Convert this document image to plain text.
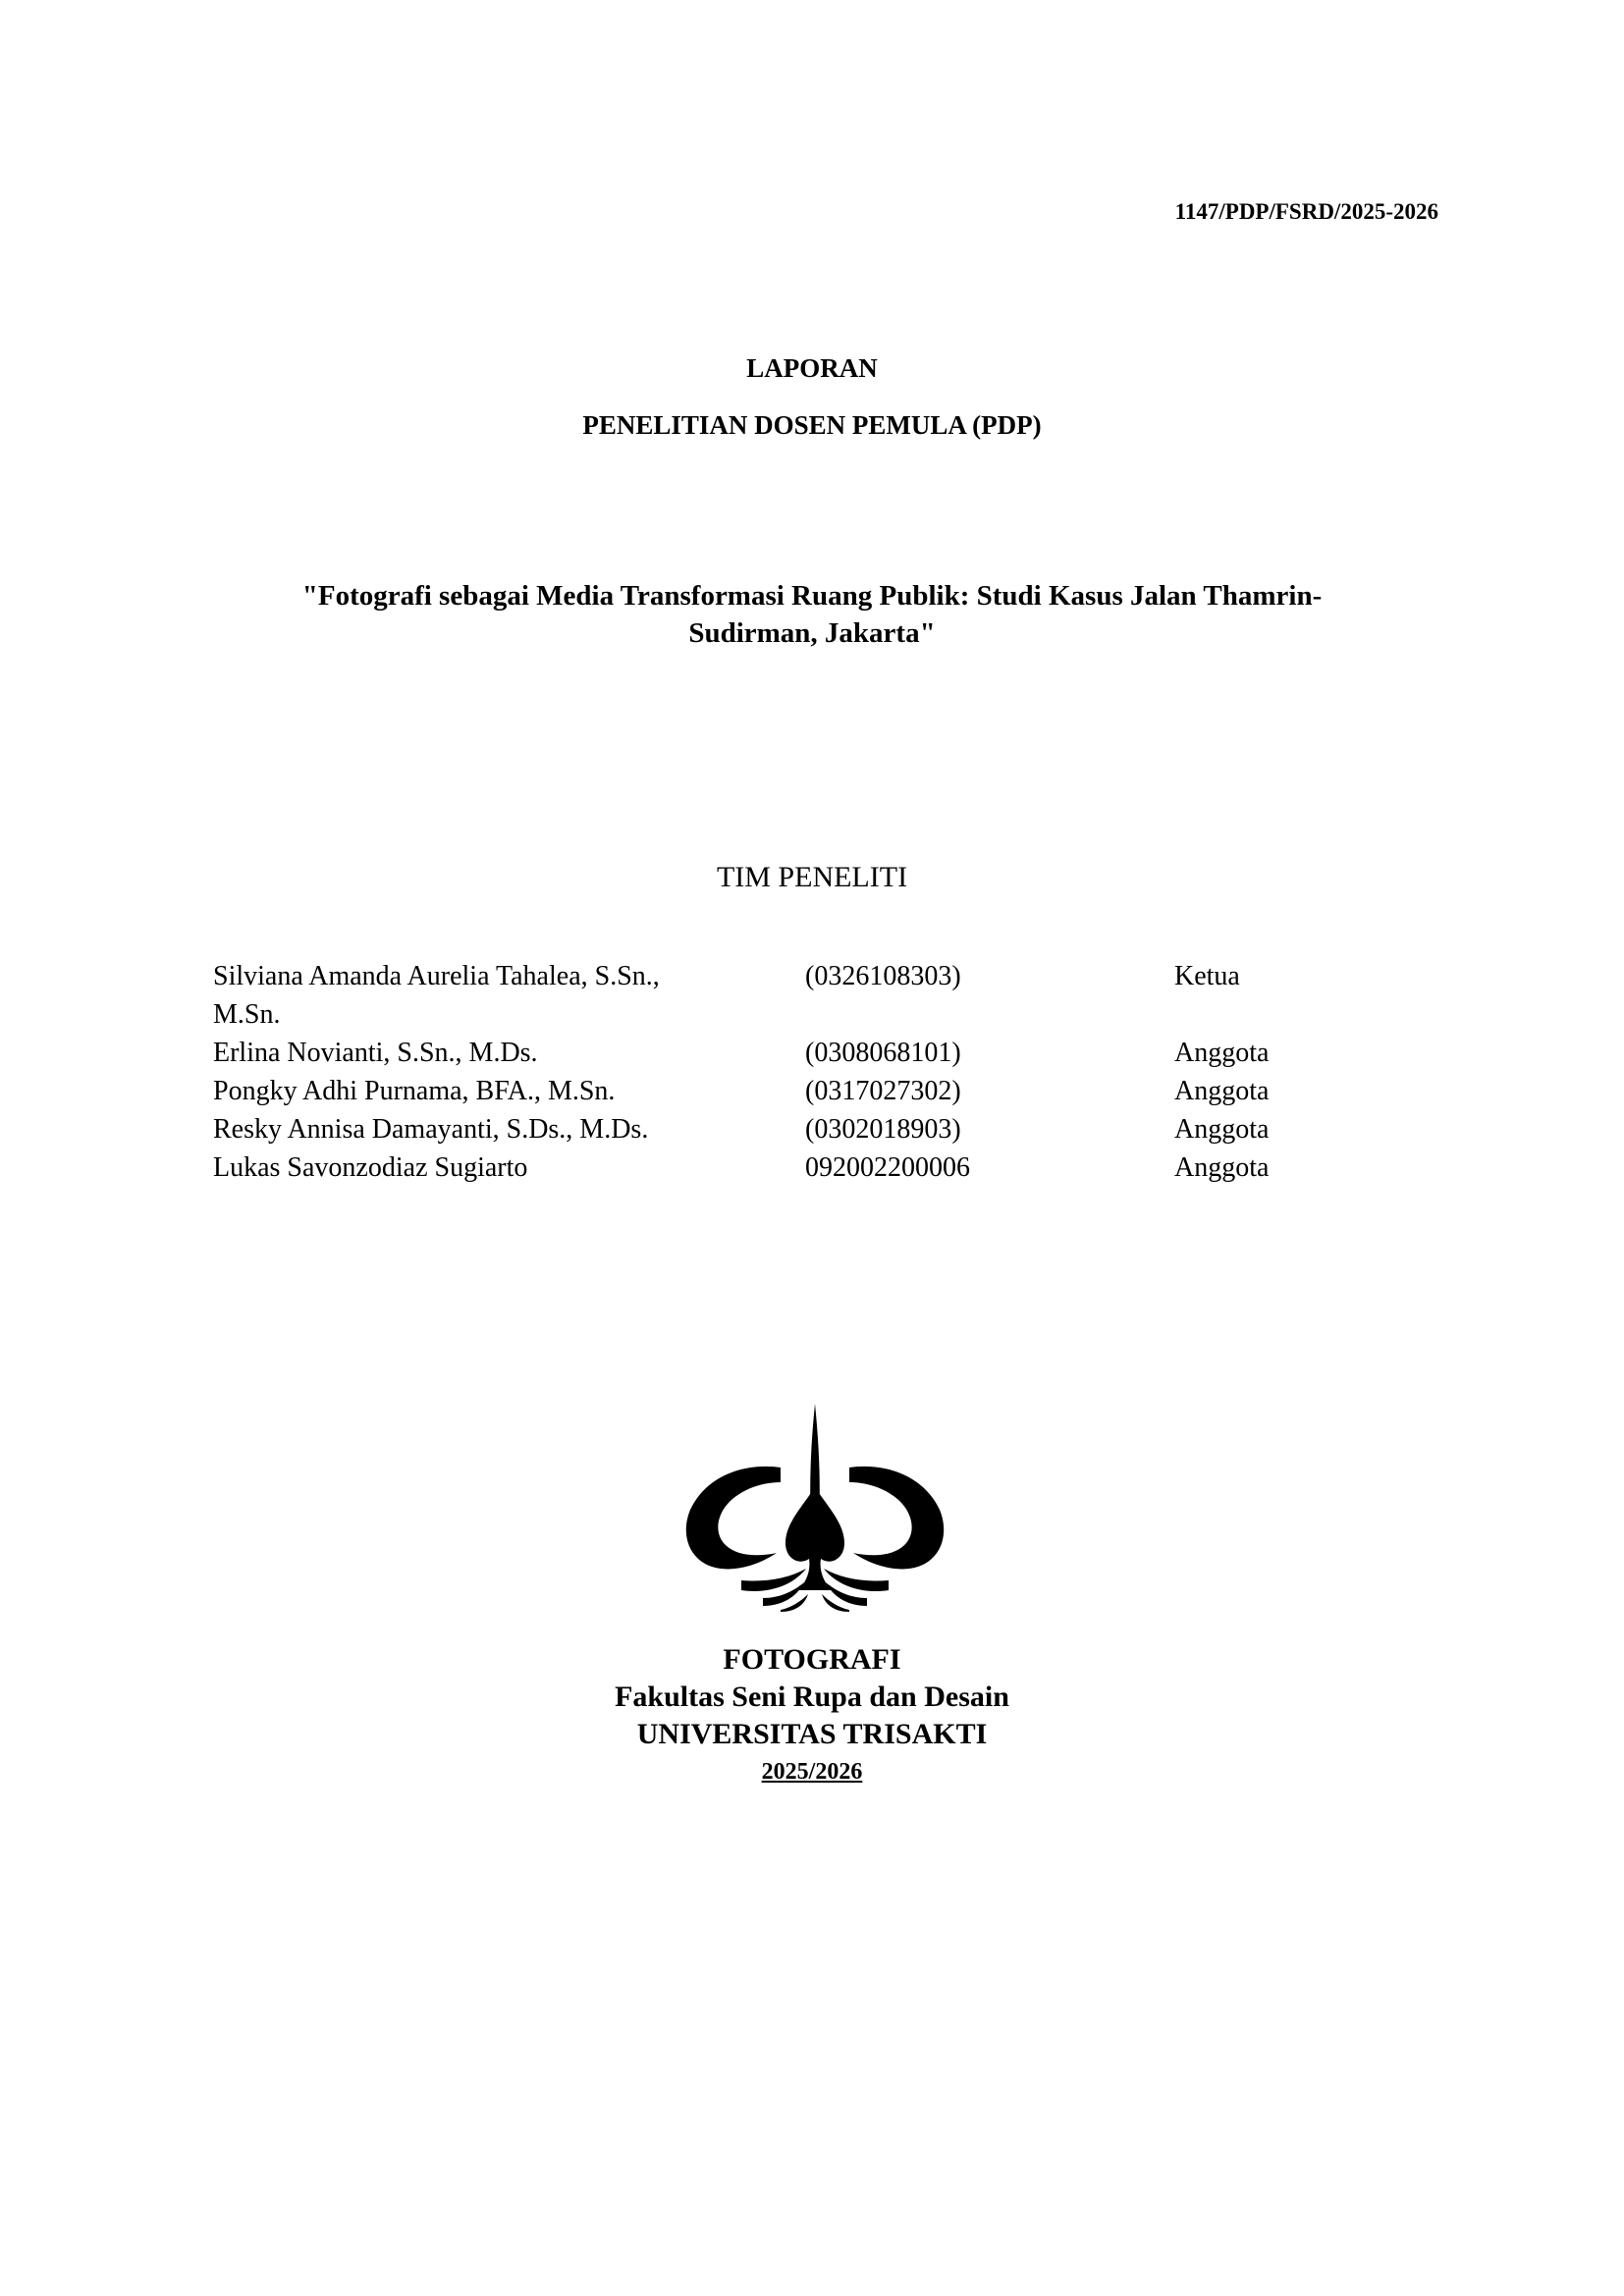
1147/PDP/FSRD/2025-2026
LAPORAN
PENELITIAN DOSEN PEMULA (PDP)
"Fotografi sebagai Media Transformasi Ruang Publik: Studi Kasus Jalan Thamrin-
Sudirman, Jakarta"
TIM PENELITI
Silviana Amanda Aurelia Tahalea, S.Sn.,
M.Sn.	(0326108303)	Ketua
Erlina Novianti, S.Sn., M.Ds.	(0308068101)	Anggota
Pongky Adhi Purnama, BFA., M.Sn.	(0317027302)	Anggota
Resky Annisa Damayanti, S.Ds., M.Ds.	(0302018903)	Anggota
Lukas Savonzodiaz Sugiarto	092002200006	Anggota
FOTOGRAFI
Fakultas Seni Rupa dan Desain
UNIVERSITAS TRISAKTI
2025/2026
